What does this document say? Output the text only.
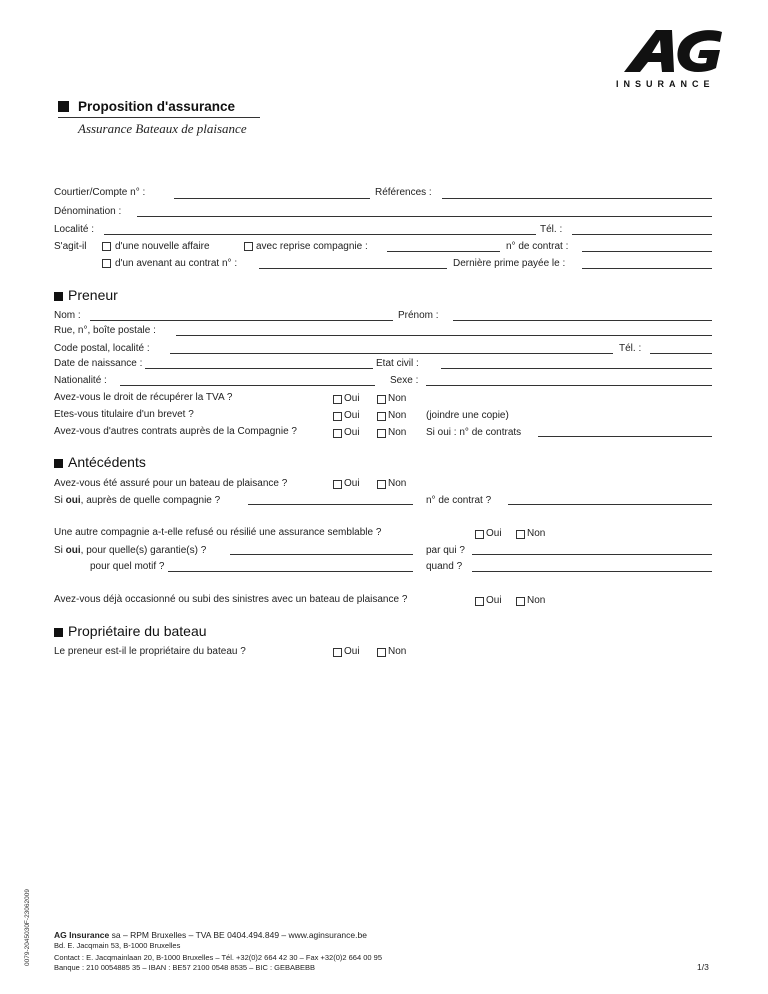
INSURANCE
Proposition d'assurance
Assurance Bateaux de plaisance
Courtier/Compte n° :	Références :
Dénomination :
Localité :	Tél. :
S'agit-il	d'une nouvelle affaire	avec reprise compagnie :	n° de contrat :
d'un avenant au contrat n° :	Dernière prime payée le :
Preneur
Nom :	Prénom :
Rue, n°, boîte postale :
Code postal, localité :	Tél. :
Date de naissance :	Etat civil :
Nationalité :	Sexe :
Avez-vous le droit de récupérer la TVA ?	Oui	Non
Etes-vous titulaire d'un brevet ?	Oui	Non (joindre une copie)
Avez-vous d'autres contrats auprès de la Compagnie ?	Oui	Non Si oui : n° de contrats
Antécédents
Avez-vous été assuré pour un bateau de plaisance ?	Oui	Non
Si oui, auprès de quelle compagnie ?	n° de contrat ?
Une autre compagnie a-t-elle refusé ou résilié une assurance semblable ?	Oui	Non
Si oui, pour quelle(s) garantie(s) ?	par qui ?
pour quel motif ?	quand ?
Avez-vous déjà occasionné ou subi des sinistres avec un bateau de plaisance ?	Oui	Non
Propriétaire du bateau
Le preneur est-il le propriétaire du bateau ?	Oui	Non
0079-2045030F-23062009	AG Insurance sa – RPM Bruxelles – TVA BE 0404.494.849 – www.aginsurance.be
Bd. E. Jacqmain 53, B-1000 Bruxelles
Contact : E. Jacqmainlaan 20, B-1000 Bruxelles – Tél. +32(0)2 664 42 30 – Fax +32(0)2 664 00 95
Banque : 210 0054885 35 – IBAN : BE57 2100 0548 8535 – BIC : GEBABEBB	1/3
